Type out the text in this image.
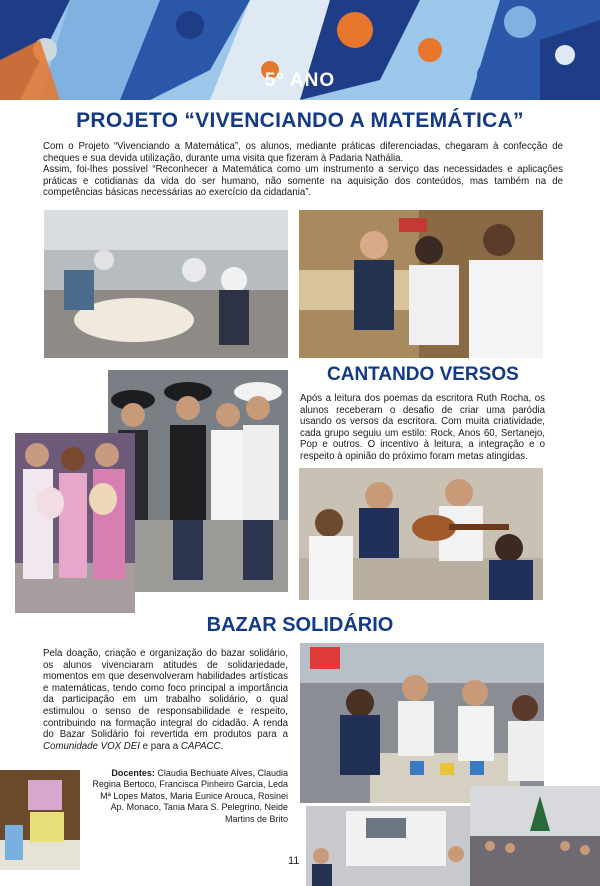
5º ANO
PROJETO “VIVENCIANDO A MATEMÁTICA”
Com o Projeto “Vivenciando a Matemática”, os alunos, mediante práticas diferenciadas, chegaram à confecção de cheques e sua devida utilização, durante uma visita que fizeram à Padaria Nathália.
Assim, foi-lhes possível “Reconhecer a Matemática como um instrumento a serviço das necessidades e aplicações práticas e cotidianas da vida do ser humano, não somente na aquisição dos conteúdos, mas também na de competências básicas necessárias ao exercício da cidadania”.
CANTANDO VERSOS

Após a leitura dos poemas da escritora Ruth Rocha, os alunos receberam o desafio de criar uma paródia usando os versos da escritora. Com muita criatividade, cada grupo seguiu um estilo: Rock, Anos 60, Sertanejo, Pop e outros. O incentivo à leitura, a integração e o respeito à opinião do próximo foram metas atingidas.

BAZAR SOLIDÁRIO

Pela doação, criação e organização do bazar solidário, os alunos vivenciaram atitudes de solidariedade, momentos em que desenvolveram habilidades artísticas e matemáticas, tendo como foco principal a importância da participação em um trabalho solidário, o qual estimulou o senso de responsabilidade e respeito, contribuindo na formação integral do cidadão. A renda do Bazar Solidário foi revertida em produtos para a Comunidade VOX DEI e para a CAPACC.

Docentes: Claudia Bechuate Alves, Claudia Regina Bertoco, Francisca Pinheiro Garcia, Leda Mª Lopes Matos, Maria Eunice Arouca, Rosinei Ap. Monaco, Tania Mara S. Pelegrino, Neide Martins de Brito
11
